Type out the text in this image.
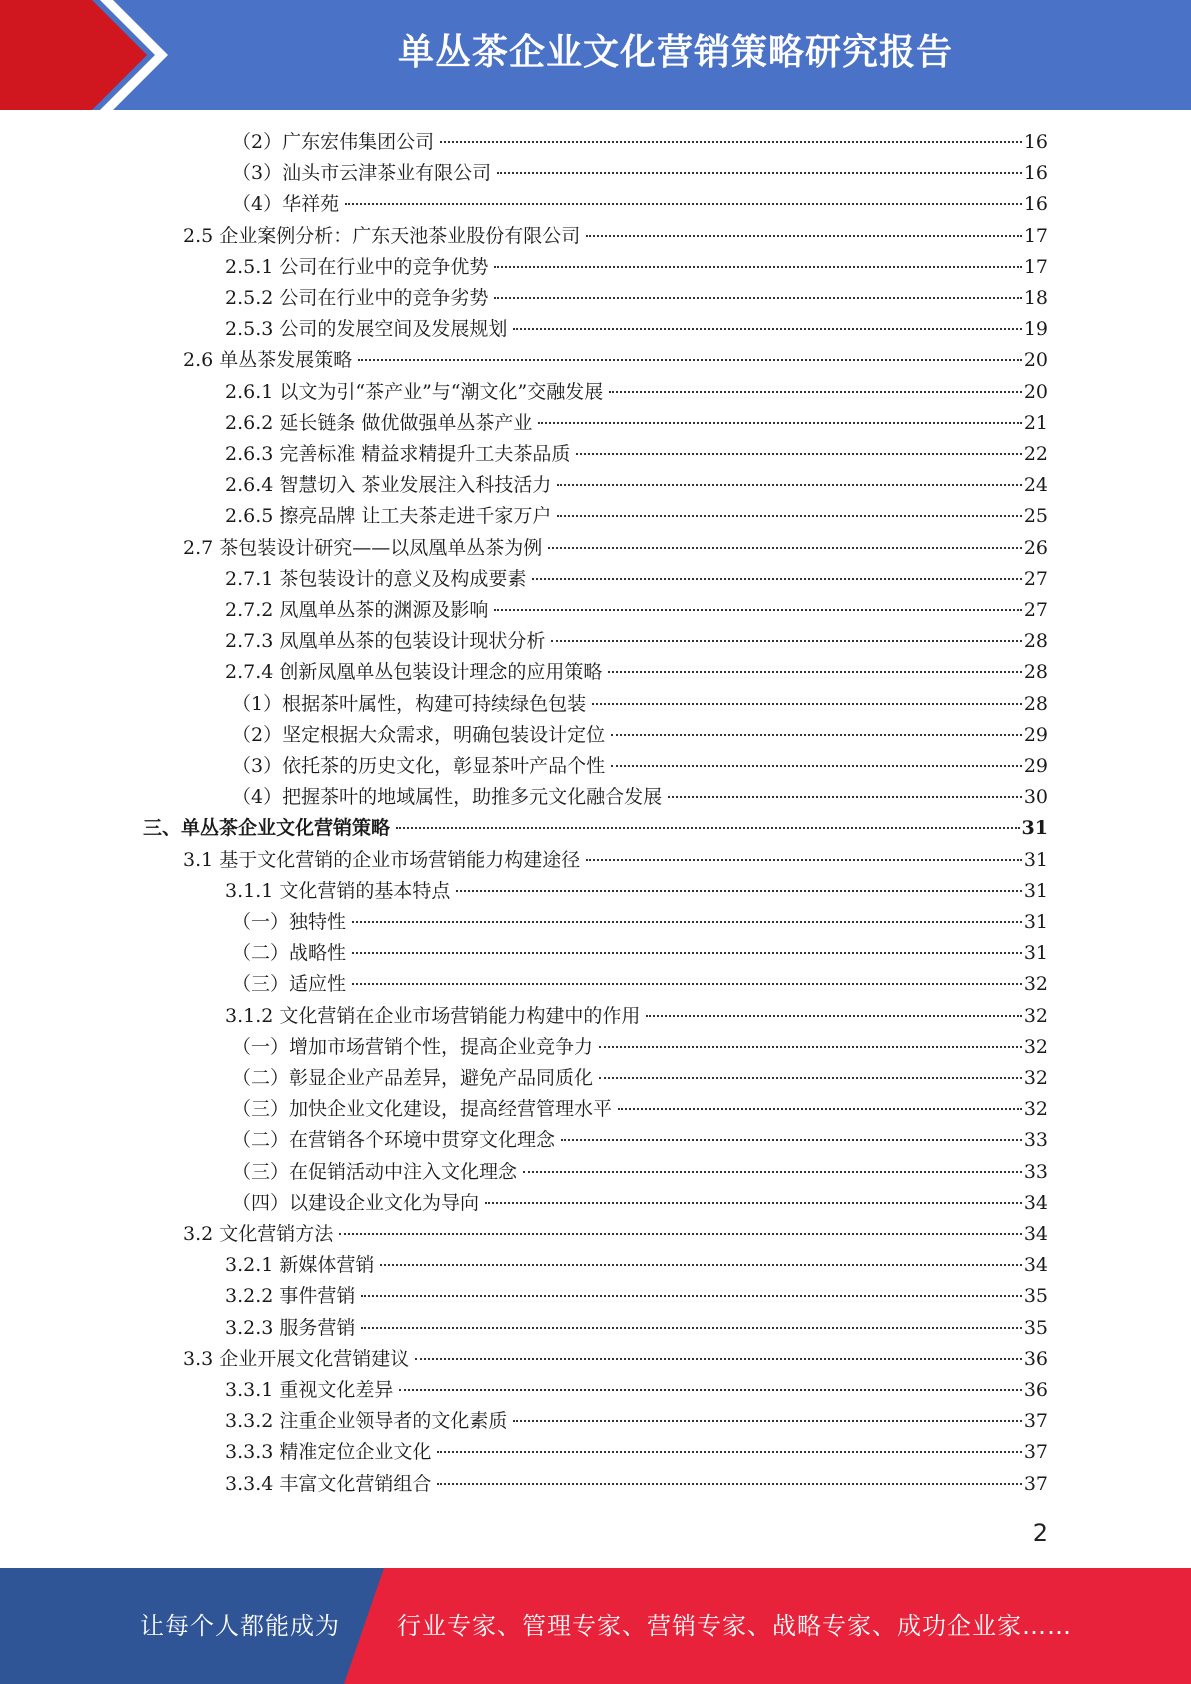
单丛茶企业文化营销策略研究报告
（2）广东宏伟集团公司	16
（3）汕头市云津茶业有限公司	16
（4）华祥苑	16
2.5 企业案例分析：广东天池茶业股份有限公司	17
2.5.1 公司在行业中的竞争优势	17
2.5.2 公司在行业中的竞争劣势	18
2.5.3 公司的发展空间及发展规划	19
2.6 单丛茶发展策略	20
2.6.1 以文为引“茶产业”与“潮文化”交融发展	20
2.6.2 延长链条 做优做强单丛茶产业	21
2.6.3 完善标准 精益求精提升工夫茶品质	22
2.6.4 智慧切入 茶业发展注入科技活力	24
2.6.5 擦亮品牌 让工夫茶走进千家万户	25
2.7 茶包装设计研究——以凤凰单丛茶为例	26
2.7.1 茶包装设计的意义及构成要素	27
2.7.2 凤凰单丛茶的渊源及影响	27
2.7.3 凤凰单丛茶的包装设计现状分析	28
2.7.4 创新凤凰单丛包装设计理念的应用策略	28
（1）根据茶叶属性，构建可持续绿色包装	28
（2）坚定根据大众需求，明确包装设计定位	29
（3）依托茶的历史文化，彰显茶叶产品个性	29
（4）把握茶叶的地域属性，助推多元文化融合发展	30
三、单丛茶企业文化营销策略	31
3.1 基于文化营销的企业市场营销能力构建途径	31
3.1.1 文化营销的基本特点	31
（一）独特性	31
（二）战略性	31
（三）适应性	32
3.1.2 文化营销在企业市场营销能力构建中的作用	32
（一）增加市场营销个性，提高企业竞争力	32
（二）彰显企业产品差异，避免产品同质化	32
（三）加快企业文化建设，提高经营管理水平	32
（二）在营销各个环境中贯穿文化理念	33
（三）在促销活动中注入文化理念	33
（四）以建设企业文化为导向	34
3.2 文化营销方法	34
3.2.1 新媒体营销	34
3.2.2 事件营销	35
3.2.3 服务营销	35
3.3 企业开展文化营销建议	36
3.3.1 重视文化差异	36
3.3.2 注重企业领导者的文化素质	37
3.3.3 精准定位企业文化	37
3.3.4 丰富文化营销组合	37
2
让每个人都能成为 行业专家、管理专家、营销专家、战略专家、成功企业家……
